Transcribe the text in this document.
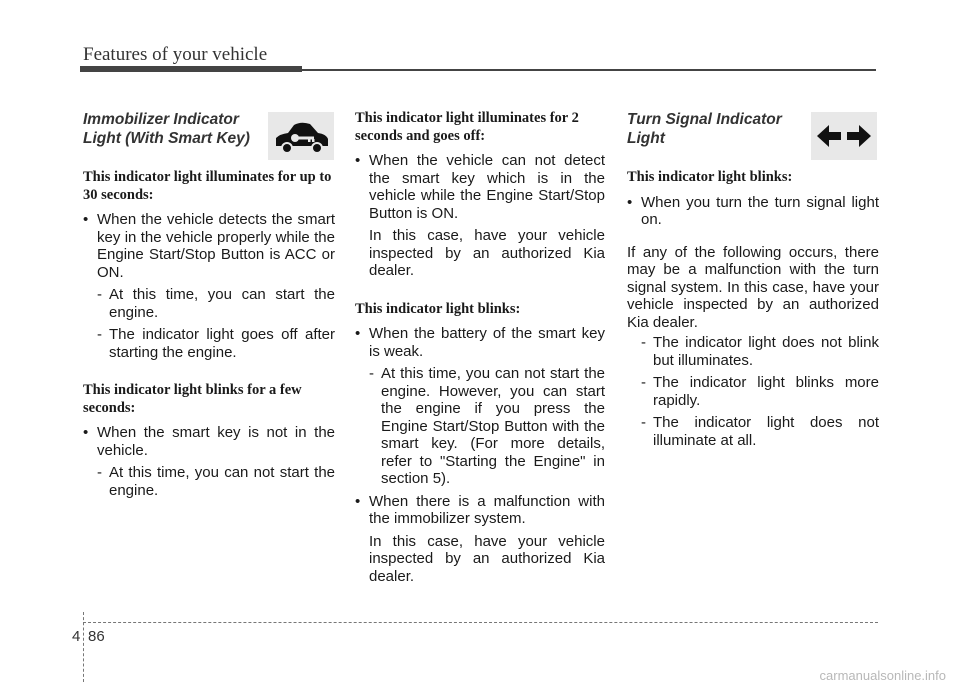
Features of your vehicle

Immobilizer Indicator
Light (With Smart Key)

This indicator light illuminates for up to 30 seconds:

• When the vehicle detects the smart key in the vehicle properly while the Engine Start/Stop Button is ACC or ON.
- At this time, you can start the engine.
- The indicator light goes off after starting the engine.

This indicator light blinks for a few seconds:

• When the smart key is not in the vehicle.
- At this time, you can not start the engine.

This indicator light illuminates for 2 seconds and goes off:

• When the vehicle can not detect the smart key which is in the vehicle while the Engine Start/Stop Button is ON.
In this case, have your vehicle inspected by an authorized Kia dealer.

This indicator light blinks:

• When the battery of the smart key is weak.
- At this time, you can not start the engine. However, you can start the engine if you press the Engine Start/Stop Button with the smart key. (For more details, refer to "Starting the Engine" in section 5).
• When there is a malfunction with the immobilizer system.
In this case, have your vehicle inspected by an authorized Kia dealer.

Turn Signal Indicator
Light

This indicator light blinks:

• When you turn the turn signal light on.
If any of the following occurs, there may be a malfunction with the turn signal system. In this case, have your vehicle inspected by an authorized Kia dealer.
- The indicator light does not blink but illuminates.
- The indicator light blinks more rapidly.
- The indicator light does not illuminate at all.
4 86
carmanualsonline.info
